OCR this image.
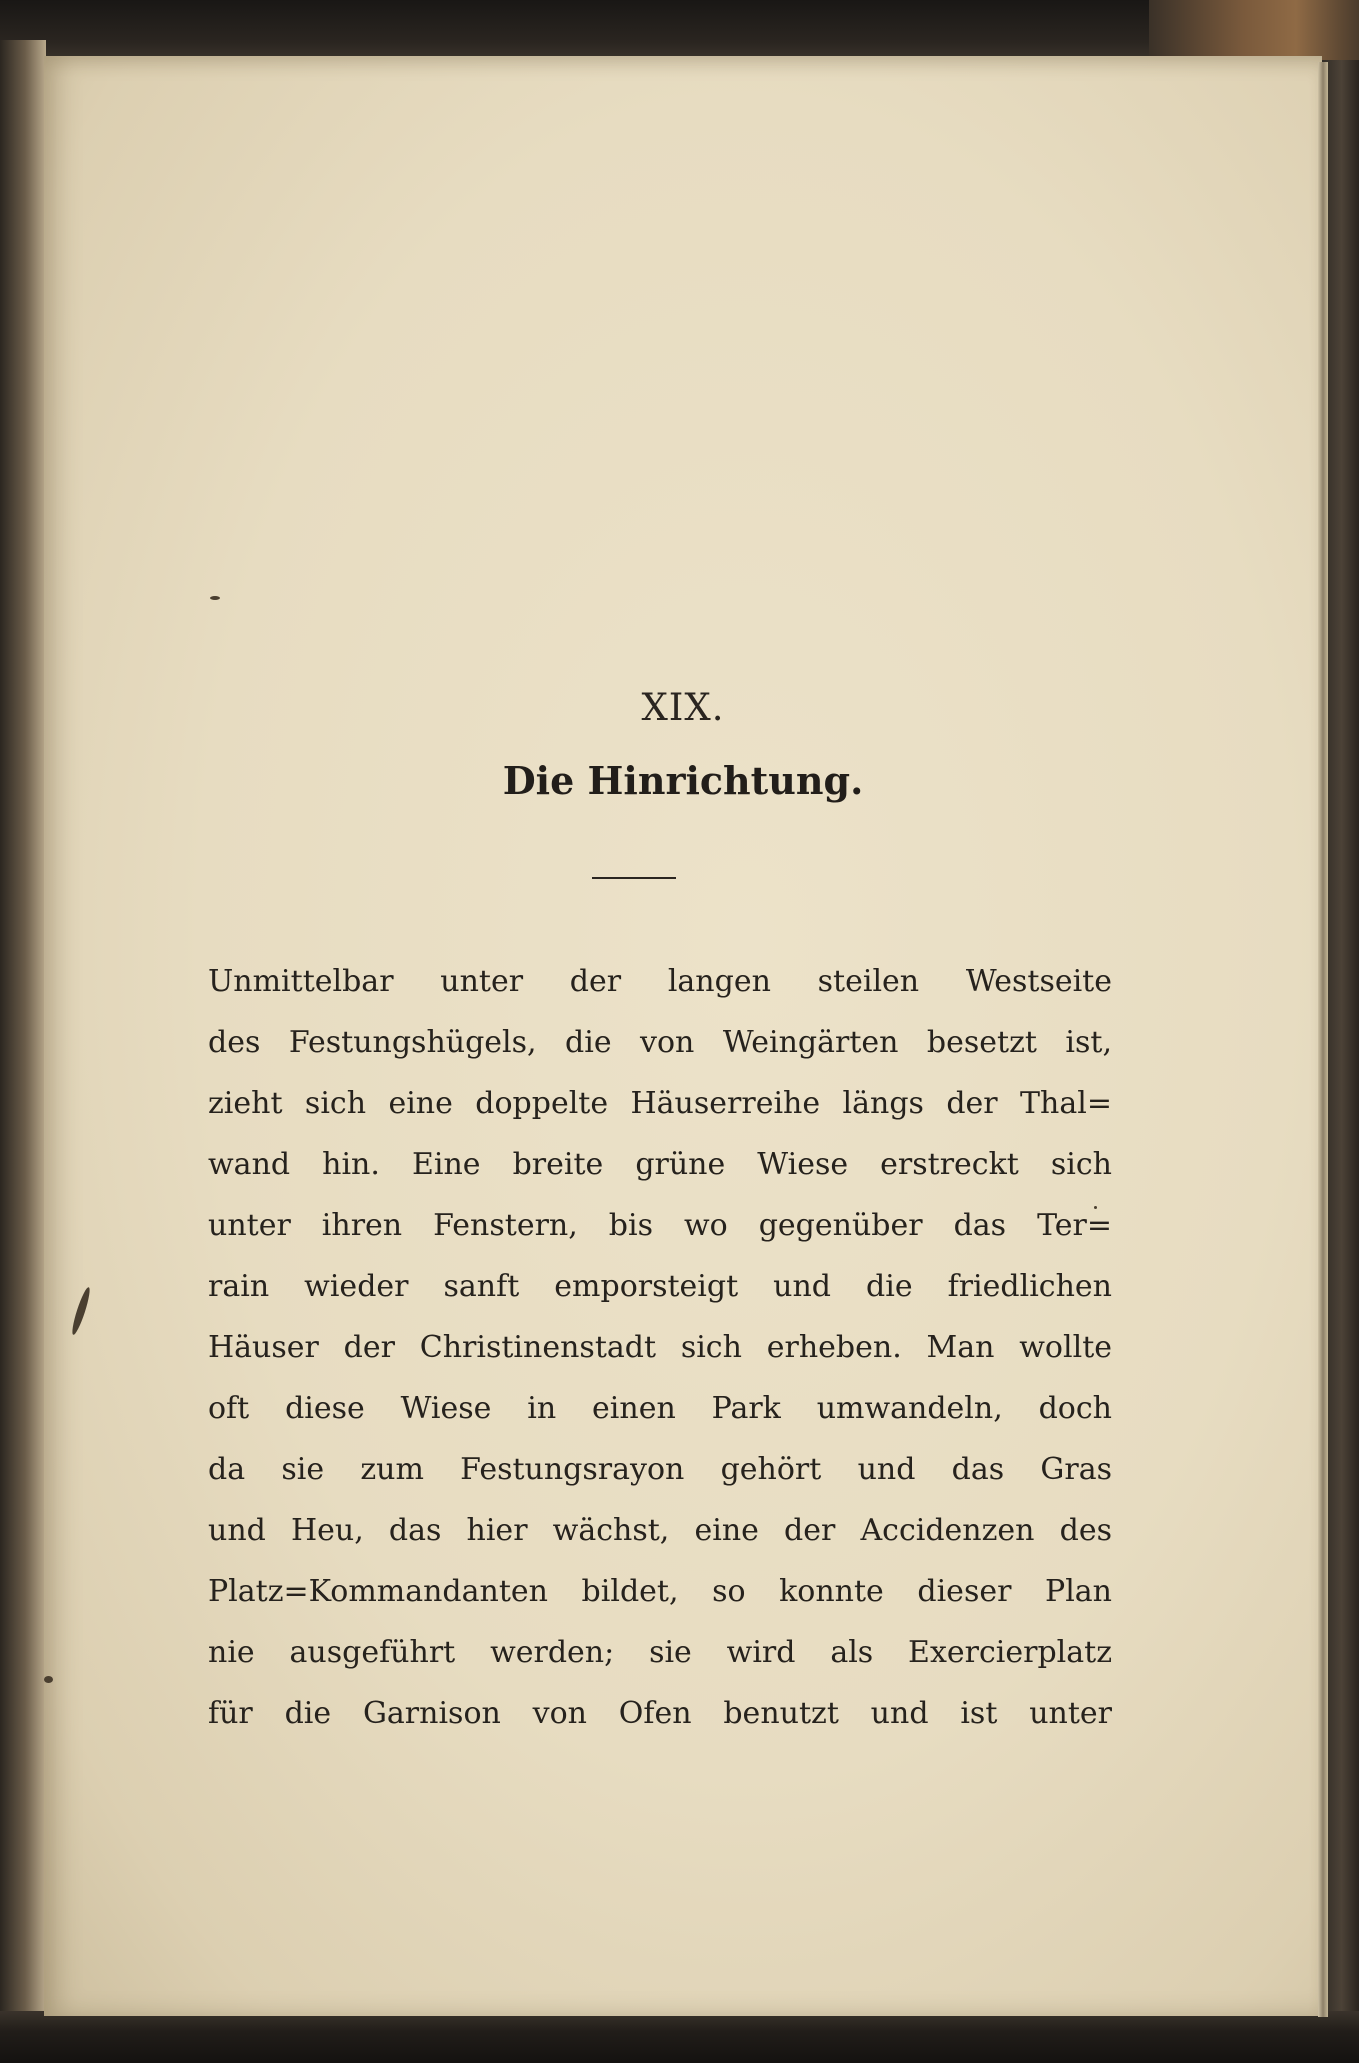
XIX.
Die Hinrichtung.
Unmittelbar unter der langen steilen Westseite
des Festungshügels, die von Weingärten besetzt ist,
zieht sich eine doppelte Häuserreihe längs der Thal=
wand hin. Eine breite grüne Wiese erstreckt sich
unter ihren Fenstern, bis wo gegenüber das Ter=
rain wieder sanft emporsteigt und die friedlichen
Häuser der Christinenstadt sich erheben. Man wollte
oft diese Wiese in einen Park umwandeln, doch
da sie zum Festungsrayon gehört und das Gras
und Heu, das hier wächst, eine der Accidenzen des
Platz=Kommandanten bildet, so konnte dieser Plan
nie ausgeführt werden; sie wird als Exercierplatz
für die Garnison von Ofen benutzt und ist unter
